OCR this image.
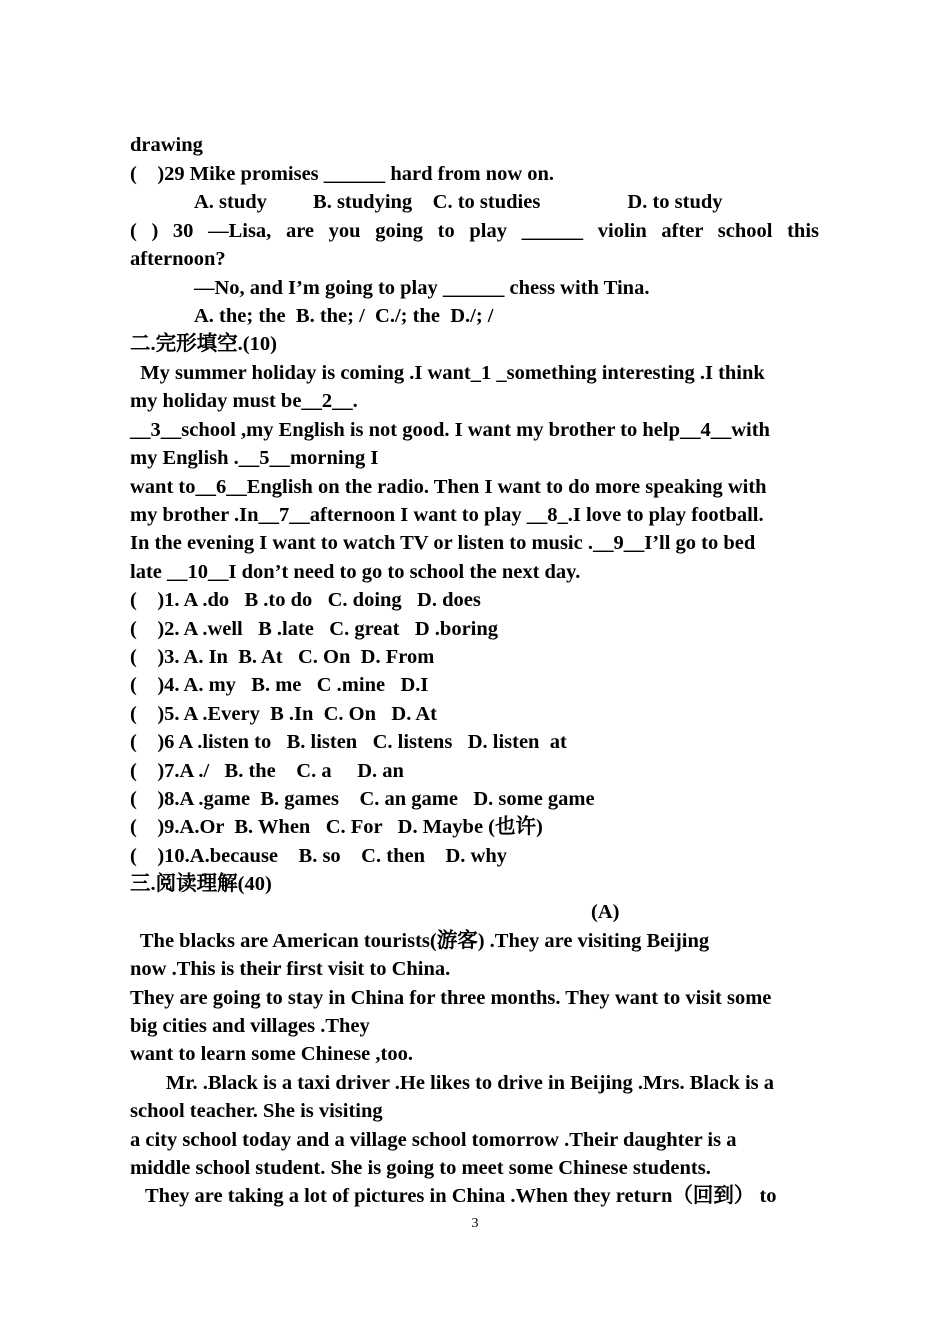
drawing
(    )29 Mike promises ______ hard from now on.
A. study         B. studying    C. to studies                 D. to study
( ) 30 —Lisa, are you going to play ______ violin after school this
afternoon?
—No, and I’m going to play ______ chess with Tina.
A. the; the  B. the; /  C./; the  D./; /
二.完形填空.(10)
My summer holiday is coming .I want_1 _something interesting .I think
my holiday must be__2__.
__3__school ,my English is not good. I want my brother to help__4__with
my English .__5__morning I
want to__6__English on the radio. Then I want to do more speaking with
my brother .In__7__afternoon I want to play __8_.I love to play football.
In the evening I want to watch TV or listen to music .__9__I’ll go to bed
late __10__I don’t need to go to school the next day.
(    )1. A .do   B .to do   C. doing   D. does
(    )2. A .well   B .late   C. great   D .boring
(    )3. A. In  B. At   C. On  D. From
(    )4. A. my   B. me   C .mine   D.I
(    )5. A .Every  B .In  C. On   D. At
(    )6 A .listen to   B. listen   C. listens   D. listen  at
(    )7.A ./   B. the    C. a     D. an
(    )8.A .game  B. games    C. an game   D. some game
(    )9.A.Or  B. When   C. For   D. Maybe (也许)
(    )10.A.because    B. so    C. then    D. why
三.阅读理解(40)
(A)
The blacks are American tourists(游客) .They are visiting Beijing
now .This is their first visit to China.
They are going to stay in China for three months. They want to visit some
big cities and villages .They
want to learn some Chinese ,too.
Mr. .Black is a taxi driver .He likes to drive in Beijing .Mrs. Black is a
school teacher. She is visiting
a city school today and a village school tomorrow .Their daughter is a
middle school student. She is going to meet some Chinese students.
They are taking a lot of pictures in China .When they return（回到） to
3
